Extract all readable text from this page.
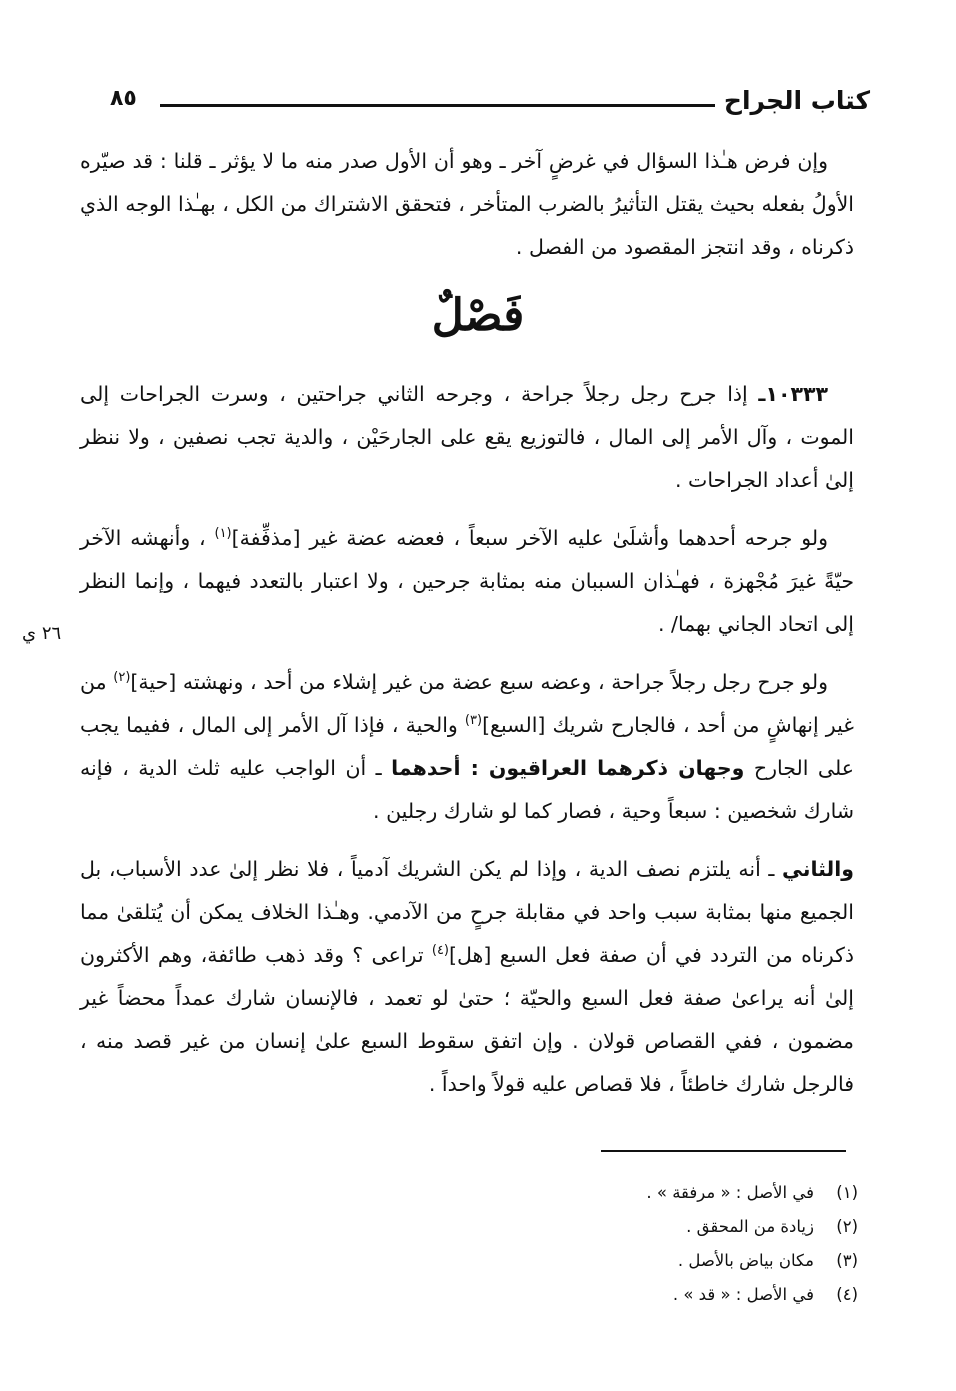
كتاب الجراح
٨٥

وإن فرض هـٰذا السؤال في غرضٍ آخر ـ وهو أن الأول صدر منه ما لا يؤثر ـ قلنا : قد صيّره الأولُ بفعله بحيث يقتل التأثيرُ بالضرب المتأخر ، فتحقق الاشتراك من الكل ، بهـٰذا الوجه الذي ذكرناه ، وقد انتجز المقصود من الفصل .

فَصْلٌ

١٠٣٣٣ـ إذا جرح رجل رجلاً جراحة ، وجرحه الثاني جراحتين ، وسرت الجراحات إلى الموت ، وآل الأمر إلى المال ، فالتوزيع يقع على الجارحَيْن ، والدية تجب نصفين ، ولا ننظر إلىٰ أعداد الجراحات .

ولو جرحه أحدهما وأشلَىٰ عليه الآخر سبعاً ، فعضه عضة غير [مذفِّفة]$^{(١)}$ ، وأنهشه الآخر حيّةً غيرَ مُجْهزة ، فهـٰذان السببان منه بمثابة جرحين ، ولا اعتبار بالتعدد فيهما ، وإنما النظر إلى اتحاد الجاني بهما/ .

ولو جرح رجل رجلاً جراحة ، وعضه سبع عضة من غير إشلاء من أحد ، ونهشته [حية]$^{(٢)}$ من غير إنهاشٍ من أحد ، فالجارح شريك [السبع]$^{(٣)}$ والحية ، فإذا آل الأمر إلى المال ، ففيما يجب على الجارح وجهان ذكرهما العراقيون : أحدهما ـ أن الواجب عليه ثلث الدية ، فإنه شارك شخصين : سبعاً وحية ، فصار كما لو شارك رجلين .

والثاني ـ أنه يلتزم نصف الدية ، وإذا لم يكن الشريك آدمياً ، فلا نظر إلىٰ عدد الأسباب، بل الجميع منها بمثابة سبب واحد في مقابلة جرحٍ من الآدمي. وهـٰذا الخلاف يمكن أن يُتلقىٰ مما ذكرناه من التردد في أن صفة فعل السبع [هل]$^{(٤)}$ تراعى ؟ وقد ذهب طائفة، وهم الأكثرون إلىٰ أنه يراعىٰ صفة فعل السبع والحيّة ؛ حتىٰ لو تعمد ، فالإنسان شارك عمداً محضاً غير مضمون ، ففي القصاص قولان . وإن اتفق سقوط السبع علىٰ إنسان من غير قصد منه ، فالرجل شارك خاطئاً ، فلا قصاص عليه قولاً واحداً .

٢٦ ي
(١)في الأصل : « مرفقة » .
(٢)زيادة من المحقق .
(٣)مكان بياض بالأصل .
(٤)في الأصل : « قد » .
